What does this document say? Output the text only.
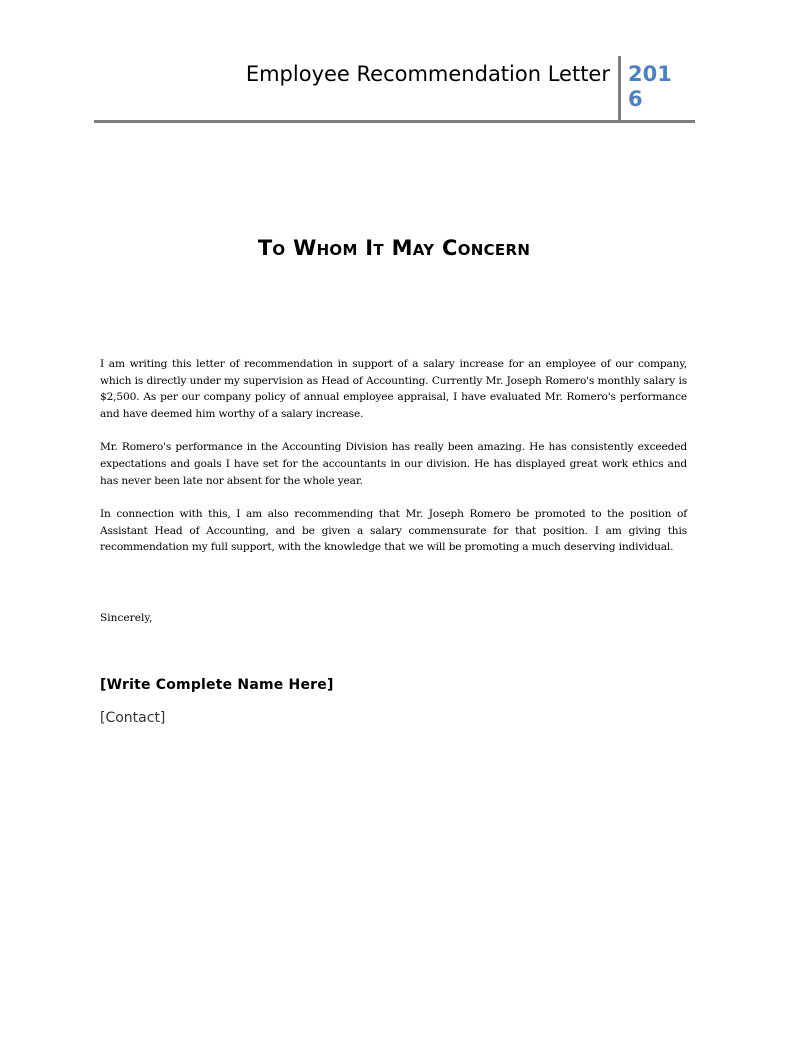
Employee Recommendation Letter 2016
To Whom It May Concern

I am writing this letter of recommendation in support of a salary increase for an employee of our company, which is directly under my supervision as Head of Accounting. Currently Mr. Joseph Romero's monthly salary is $2,500. As per our company policy of annual employee appraisal, I have evaluated Mr. Romero's performance and have deemed him worthy of a salary increase.

Mr. Romero's performance in the Accounting Division has really been amazing. He has consistently exceeded expectations and goals I have set for the accountants in our division. He has displayed great work ethics and has never been late nor absent for the whole year.

In connection with this, I am also recommending that Mr. Joseph Romero be promoted to the position of Assistant Head of Accounting, and be given a salary commensurate for that position. I am giving this recommendation my full support, with the knowledge that we will be promoting a much deserving individual.

Sincerely,
[Write Complete Name Here]
[Contact]
